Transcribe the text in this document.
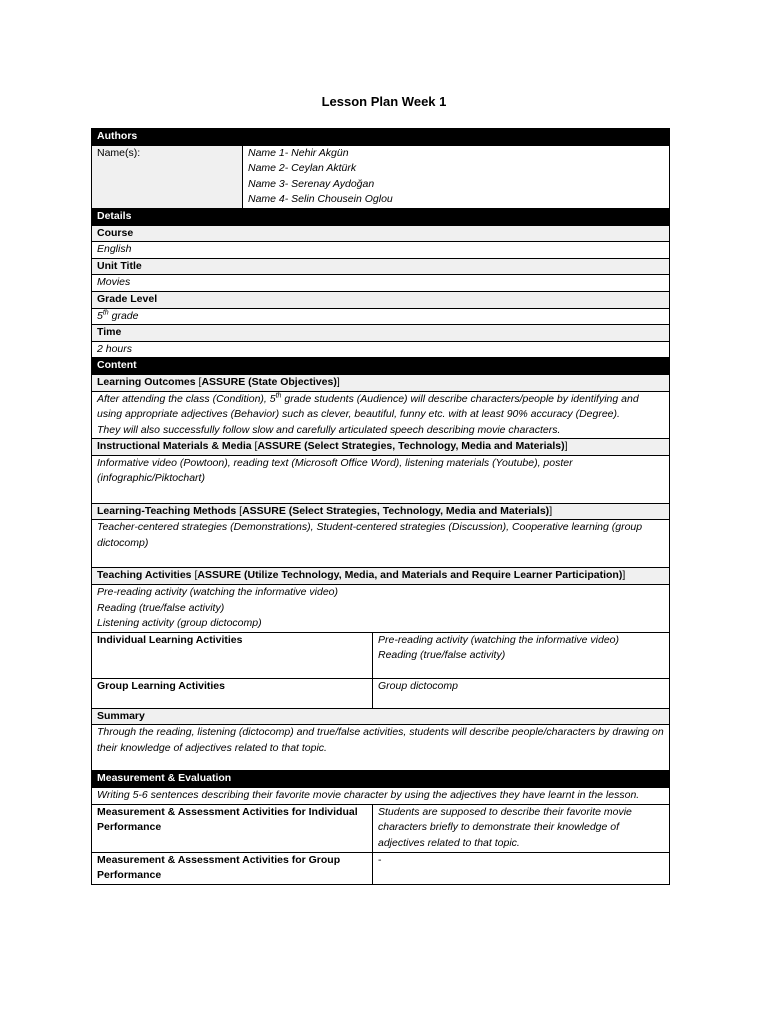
Lesson Plan Week 1
Authors		
Name(s):	Name 1- Nehir Akgün
Name 2- Ceylan Aktürk
Name 3- Serenay Aydoğan
Name 4- Selin Chousein Oglou	

Details		
Course		
English		
Unit Title		
Movies		
Grade Level		
5th grade		
Time		
2 hours		
Content		
Learning Outcomes [ASSURE (State Objectives)]		
After attending the class (Condition), 5th grade students (Audience) will describe characters/people by identifying and using appropriate adjectives (Behavior) such as clever, beautiful, funny etc. with at least 90% accuracy (Degree).
They will also successfully follow slow and carefully articulated speech describing movie characters.		

Instructional Materials & Media [ASSURE (Select Strategies, Technology, Media and Materials)]		
Informative video (Powtoon), reading text (Microsoft Office Word), listening materials (Youtube), poster (infographic/Piktochart)		
Learning-Teaching Methods [ASSURE (Select Strategies, Technology, Media and Materials)]		
Teacher-centered strategies (Demonstrations), Student-centered strategies (Discussion), Cooperative learning (group dictocomp)		
Teaching Activities [ASSURE (Utilize Technology, Media, and Materials and Require Learner Participation)]		

Pre-reading activity (watching the informative video)
Reading (true/false activity)
Listening activity (group dictocomp)		

Individual Learning Activities		Pre-reading activity (watching the informative video)
Reading (true/false activity)

Group Learning Activities		Group dictocomp
Summary		
Through the reading, listening (dictocomp) and true/false activities, students will describe people/characters by drawing on their knowledge of adjectives related to that topic.		
Measurement & Evaluation		
Writing 5-6 sentences describing their favorite movie character by using the adjectives they have learnt in the lesson.		
Measurement & Assessment Activities for Individual Performance		Students are supposed to describe their favorite movie characters briefly to demonstrate their knowledge of adjectives related to that topic.
Measurement & Assessment Activities for Group Performance		-
